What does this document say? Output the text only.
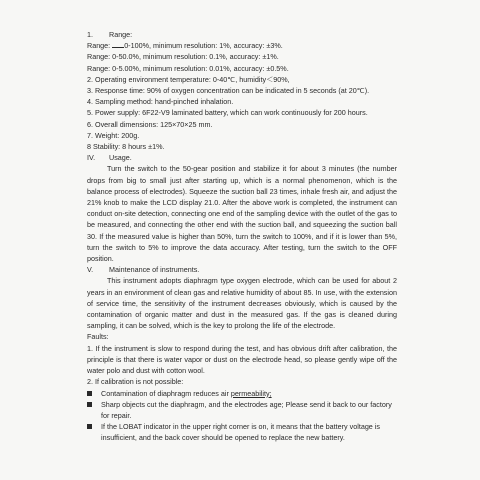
1. Range:
Range: 0-100%, minimum resolution: 1%, accuracy: ±3%.
Range: 0-50.0%, minimum resolution: 0.1%, accuracy: ±1%.
Range: 0-5.00%, minimum resolution: 0.01%, accuracy: ±0.5%.
2. Operating environment temperature: 0-40℃, humidity＜90%,
3. Response time: 90% of oxygen concentration can be indicated in 5 seconds (at 20℃).
4. Sampling method: hand-pinched inhalation.
5. Power supply: 6F22-V9 laminated battery, which can work continuously for 200 hours.
6. Overall dimensions: 125×70×25 mm.
7. Weight: 200g.
8 Stability: 8 hours ±1%.
IV. Usage.
Turn the switch to the 50-gear position and stabilize it for about 3 minutes (the number drops from big to small just after starting up, which is a normal phenomenon, which is the balance process of electrodes). Squeeze the suction ball 23 times, inhale fresh air, and adjust the 21% knob to make the LCD display 21.0. After the above work is completed, the instrument can conduct on-site detection, connecting one end of the sampling device with the outlet of the gas to be measured, and connecting the other end with the suction ball, and squeezing the suction ball 30. If the measured value is higher than 50%, turn the switch to 100%, and if it is lower than 5%, turn the switch to 5% to improve the data accuracy. After testing, turn the switch to the OFF position.
V. Maintenance of instruments.
This instrument adopts diaphragm type oxygen electrode, which can be used for about 2 years in an environment of clean gas and relative humidity of about 85. In use, with the extension of service time, the sensitivity of the instrument decreases obviously, which is caused by the contamination of organic matter and dust in the measured gas. If the gas is cleaned during sampling, it can be solved, which is the key to prolong the life of the electrode.
Faults:
1. If the instrument is slow to respond during the test, and has obvious drift after calibration, the principle is that there is water vapor or dust on the electrode head, so please gently wipe off the water polo and dust with cotton wool.
2. If calibration is not possible:
Contamination of diaphragm reduces air permeability;
Sharp objects cut the diaphragm, and the electrodes age; Please send it back to our factory for repair.
If the LOBAT indicator in the upper right corner is on, it means that the battery voltage is insufficient, and the back cover should be opened to replace the new battery.
